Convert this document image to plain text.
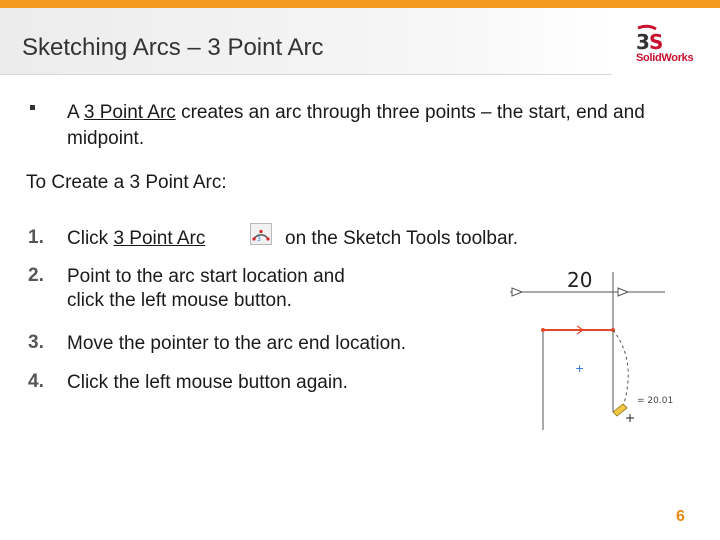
Sketching Arcs – 3 Point Arc	3 S
SolidWorks
A 3 Point Arc creates an arc through three points – the start, end and midpoint.
To Create a 3 Point Arc:
1. Click 3 Point Arc	3 on the Sketch Tools toolbar.
2. Point to the arc start location and
click the left mouse button.
3. Move the pointer to the arc end location.
4. Click the left mouse button again.
20
+
= 20.01
6
